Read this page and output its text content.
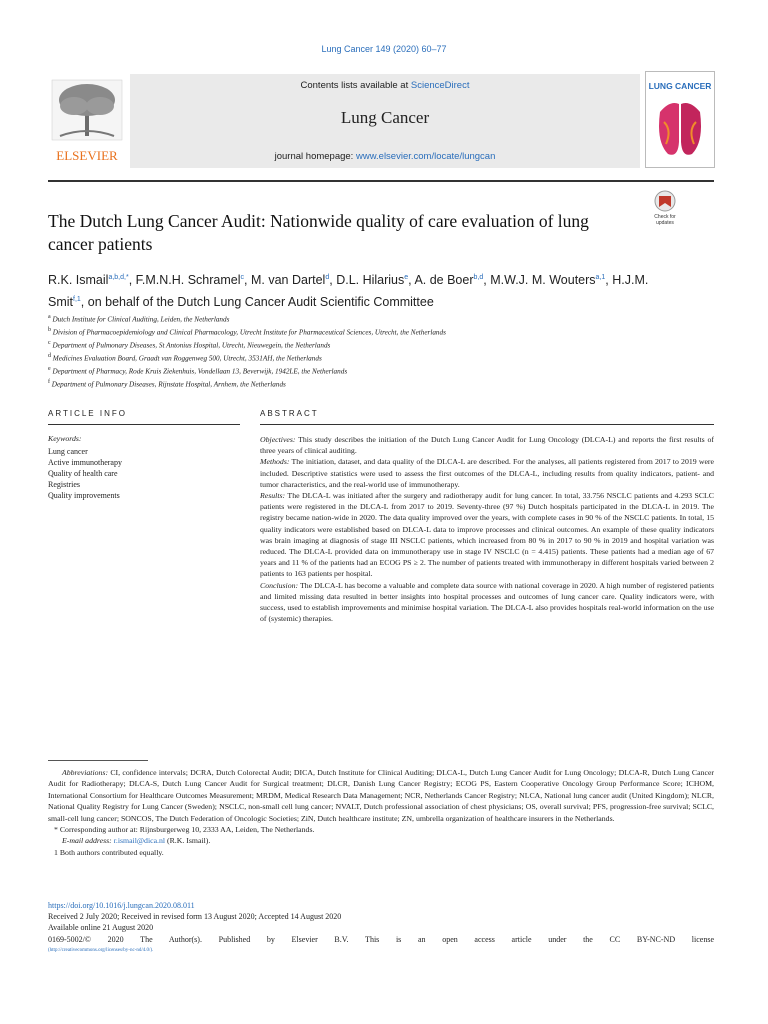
Lung Cancer 149 (2020) 60–77
ELSEVIER
Contents lists available at ScienceDirect
Lung Cancer
journal homepage: www.elsevier.com/locate/lungcan
LUNG CANCER
The Dutch Lung Cancer Audit: Nationwide quality of care evaluation of lung cancer patients
Check for
updates
R.K. Ismail$^{a,b,d,*}$, F.M.N.H. Schramel$^c$, M. van Dartel$^d$, D.L. Hilarius$^e$, A. de Boer$^{b,d}$, M.W.J. M. Wouters$^{a,1}$, H.J.M. Smit$^{f,1}$, on behalf of the Dutch Lung Cancer Audit Scientific Committee
$^a$ Dutch Institute for Clinical Auditing, Leiden, the Netherlands
$^b$ Division of Pharmacoepidemiology and Clinical Pharmacology, Utrecht Institute for Pharmaceutical Sciences, Utrecht, the Netherlands
$^c$ Department of Pulmonary Diseases, St Antonius Hospital, Utrecht, Nieuwegein, the Netherlands
$^d$ Medicines Evaluation Board, Graadt van Roggenweg 500, Utrecht, 3531AH, the Netherlands
$^e$ Department of Pharmacy, Rode Kruis Ziekenhuis, Vondellaan 13, Beverwijk, 1942LE, the Netherlands
$^f$ Department of Pulmonary Diseases, Rijnstate Hospital, Arnhem, the Netherlands
ARTICLE INFO	ABSTRACT
Keywords:
Lung cancer
Active immunotherapy
Quality of health care
Registries
Quality improvements

Objectives: This study describes the initiation of the Dutch Lung Cancer Audit for Lung Oncology (DLCA-L) and reports the first results of three years of clinical auditing.

Methods: The initiation, dataset, and data quality of the DLCA-L are described. For the analyses, all patients registered from 2017 to 2019 were included. Descriptive statistics were used to assess the first outcomes of the DLCA-L, including results from quality indicators, patient- and tumor characteristics, and the real-world use of immunotherapy.

Results: The DLCA-L was initiated after the surgery and radiotherapy audit for lung cancer. In total, 33.756 NSCLC patients and 4.293 SCLC patients were registered in the DLCA-L from 2017 to 2019. Seventy-three (97 %) Dutch hospitals participated in the DLCA-L in 2019. The registry became nation-wide in 2020. The data quality improved over the years, with complete cases in 90 % of the NSCLC patients. In total, 15 quality indicators were established based on DLCA-L data to improve processes and clinical outcomes. An example of these quality indicators was brain imaging at diagnosis of stage III NSCLC patients, which increased from 80 % in 2017 to 90 % in 2019 and hospital variation was reduced. The DLCA-L provided data on immunotherapy use in stage IV NSCLC (n = 4.415) patients. These patients had a median age of 67 years and 11 % of the patients had an ECOG PS ≥ 2. The number of patients treated with immunotherapy in different hospitals varied between 2 patients to 163 patients per hospital.

Conclusion: The DLCA-L has become a valuable and complete data source with national coverage in 2020. A high number of registered patients and limited missing data resulted in better insights into hospital processes and outcomes of lung cancer care. Quality indicators were, with success, used to establish improvements and minimise hospital variation. The DLCA-L also provides hospitals real-world information on the use of (systemic) therapies.

Abbreviations: CI, confidence intervals; DCRA, Dutch Colorectal Audit; DICA, Dutch Institute for Clinical Auditing; DLCA-L, Dutch Lung Cancer Audit for Lung Oncology; DLCA-R, Dutch Lung Cancer Audit for Radiotherapy; DLCA-S, Dutch Lung Cancer Audit for Surgical treatment; DLCR, Danish Lung Cancer Registry; ECOG PS, Eastern Cooperative Oncology Group Performance Score; ICHOM, International Consortium for Healthcare Outcomes Measurement; MRDM, Medical Research Data Management; NCR, Netherlands Cancer Registry; NLCA, National lung cancer audit (United Kingdom); NLCR, National Quality Registry for Lung Cancer (Sweden); NSCLC, non-small cell lung cancer; NVALT, Dutch professional association of chest physicians; OS, overall survival; PFS, progression-free survival; SCLC, small-cell lung cancer; SONCOS, The Dutch Federation of Oncologic Societies; ZiN, Dutch healthcare institute; ZN, umbrella organization of healthcare insurers in the Netherlands.

* Corresponding author at: Rijnsburgerweg 10, 2333 AA, Leiden, The Netherlands.

E-mail address: r.ismail@dica.nl (R.K. Ismail).

1 Both authors contributed equally.

https://doi.org/10.1016/j.lungcan.2020.08.011
Received 2 July 2020; Received in revised form 13 August 2020; Accepted 14 August 2020
Available online 21 August 2020
0169-5002/© 2020 The Author(s). Published by Elsevier B.V. This is an open access article under the CC BY-NC-ND license
(http://creativecommons.org/licenses/by-nc-nd/4.0/).
